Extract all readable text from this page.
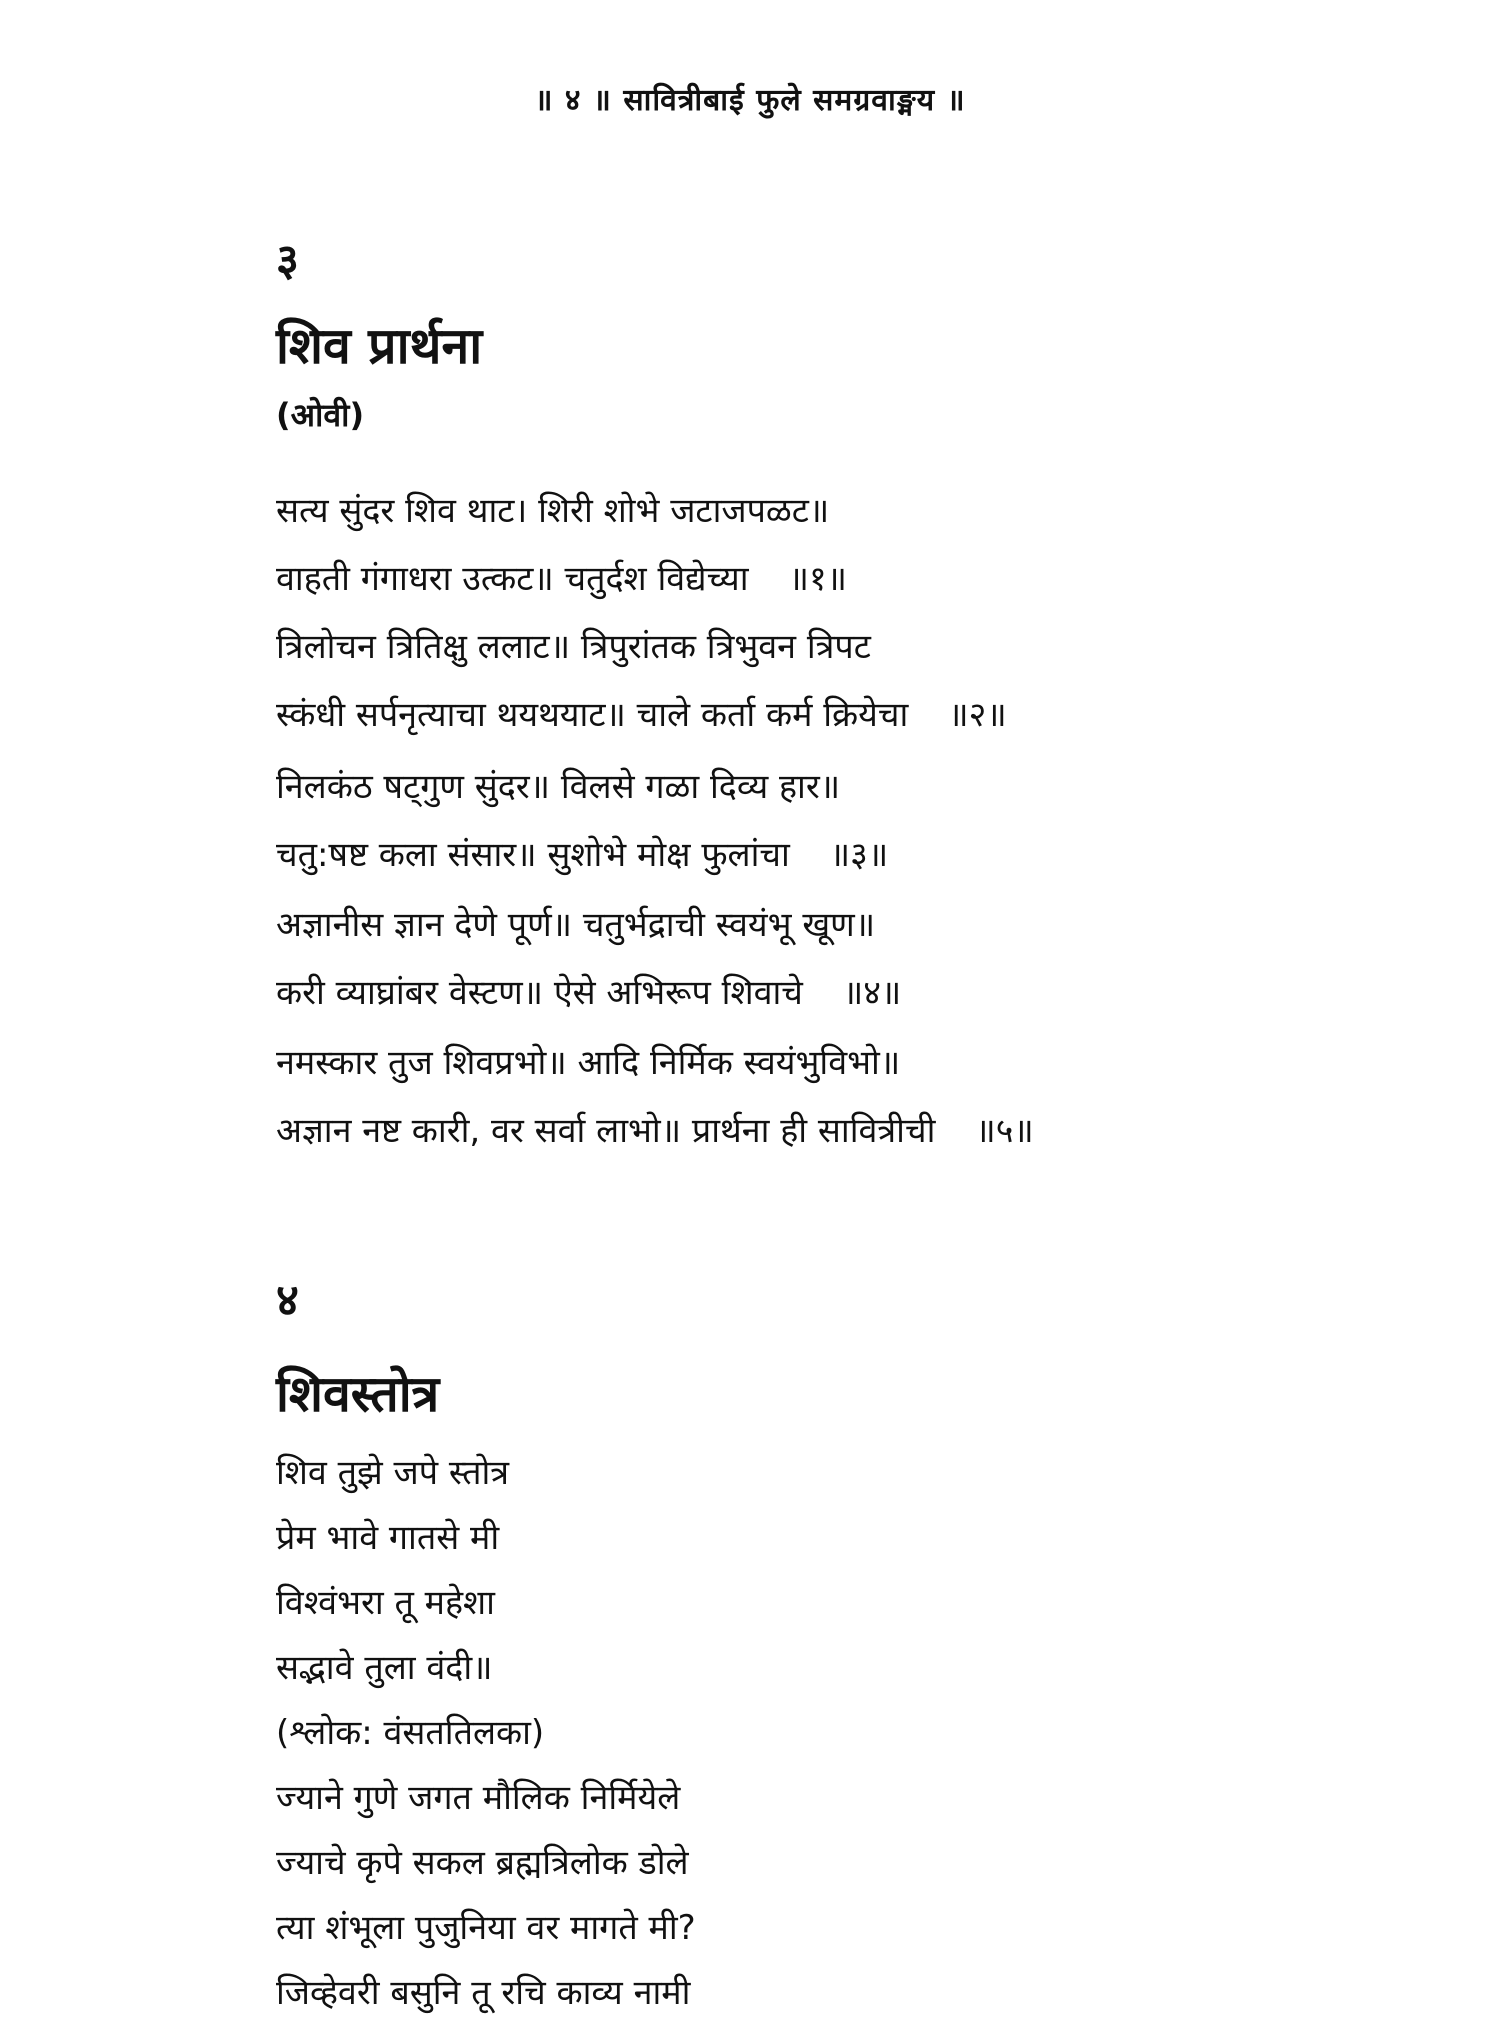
॥ ४ ॥ सावित्रीबाई फुले समग्रवाङ्मय ॥
३
शिव प्रार्थना
(ओवी)
सत्य सुंदर शिव थाट। शिरी शोभे जटाजपळट॥
वाहती गंगाधरा उत्कट॥ चतुर्दश विद्येच्या ॥१॥
त्रिलोचन त्रितिक्षु ललाट॥ त्रिपुरांतक त्रिभुवन त्रिपट
स्कंधी सर्पनृत्याचा थयथयाट॥ चाले कर्ता कर्म क्रियेचा ॥२॥
निलकंठ षट्गुण सुंदर॥ विलसे गळा दिव्य हार॥
चतु:षष्ट कला संसार॥ सुशोभे मोक्ष फुलांचा ॥३॥
अज्ञानीस ज्ञान देणे पूर्ण॥ चतुर्भद्राची स्वयंभू खूण॥
करी व्याघ्रांबर वेस्टण॥ ऐसे अभिरूप शिवाचे ॥४॥
नमस्कार तुज शिवप्रभो॥ आदि निर्मिक स्वयंभुविभो॥
अज्ञान नष्ट कारी, वर सर्वा लाभो॥ प्रार्थना ही सावित्रीची ॥५॥
४
शिवस्तोत्र
शिव तुझे जपे स्तोत्र
प्रेम भावे गातसे मी
विश्वंभरा तू महेशा
सद्भावे तुला वंदी॥
(श्लोक: वंसततिलका)
ज्याने गुणे जगत मौलिक निर्मियेले
ज्याचे कृपे सकल ब्रह्मत्रिलोक डोले
त्या शंभूला पुजुनिया वर मागते मी?
जिव्हेवरी बसुनि तू रचि काव्य नामी
